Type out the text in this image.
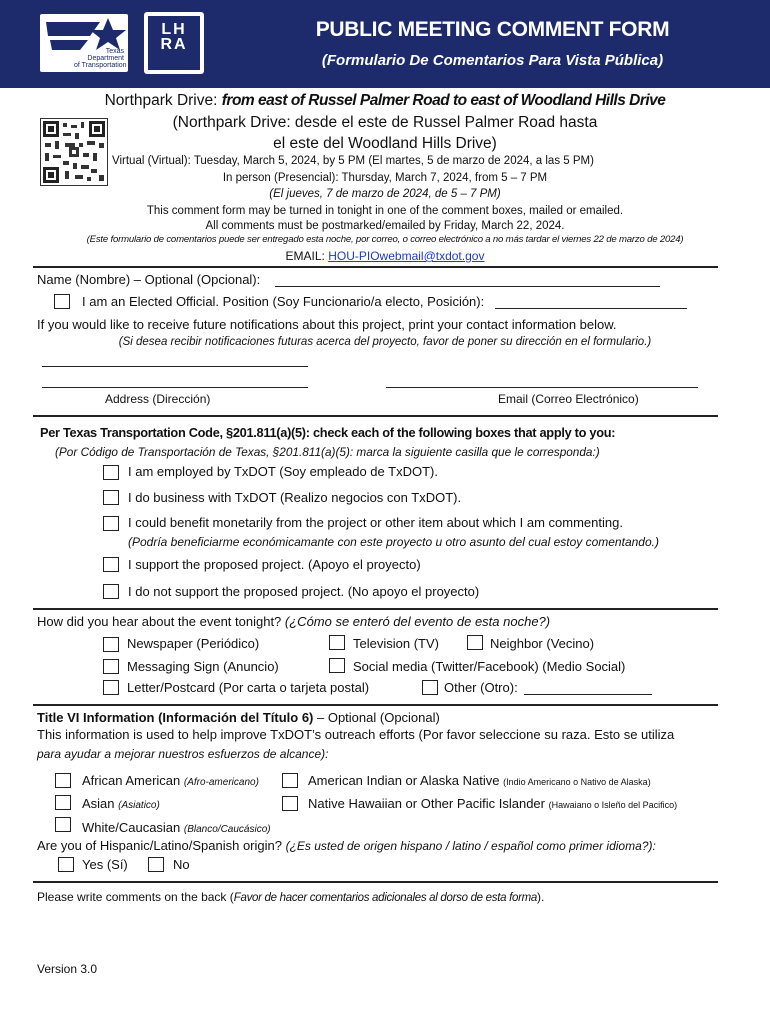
Texas
Department
of Transportation
LH
RA
PUBLIC MEETING COMMENT FORM
(Formulario De Comentarios Para Vista Pública)
Northpark Drive: from east of Russel Palmer Road to east of Woodland Hills Drive
(Northpark Drive: desde el este de Russel Palmer Road hasta
el este del Woodland Hills Drive)
Virtual (Virtual): Tuesday, March 5, 2024, by 5 PM (El martes, 5 de marzo de 2024, a las 5 PM)
In person (Presencial): Thursday, March 7, 2024, from 5 – 7 PM
(El jueves, 7 de marzo de 2024, de 5 – 7 PM)
This comment form may be turned in tonight in one of the comment boxes, mailed or emailed.
All comments must be postmarked/emailed by Friday, March 22, 2024.
(Este formulario de comentarios puede ser entregado esta noche, por correo, o correo electrónico a no más tardar el viernes 22 de marzo de 2024)
EMAIL: HOU-PIOwebmail@txdot.gov
Name (Nombre) – Optional (Opcional):
I am an Elected Official. Position (Soy Funcionario/a electo, Posición):
If you would like to receive future notifications about this project, print your contact information below.
(Si desea recibir notificaciones futuras acerca del proyecto, favor de poner su dirección en el formulario.)
Address (Dirección)	Email (Correo Electrónico)
Per Texas Transportation Code, §201.811(a)(5): check each of the following boxes that apply to you:
(Por Código de Transportación de Texas, §201.811(a)(5): marca la siguiente casilla que le corresponda:)
I am employed by TxDOT (Soy empleado de TxDOT).
I do business with TxDOT (Realizo negocios con TxDOT).
I could benefit monetarily from the project or other item about which I am commenting.
(Podría beneficiarme económicamante con este proyecto u otro asunto del cual estoy comentando.)
I support the proposed project. (Apoyo el proyecto)
I do not support the proposed project. (No apoyo el proyecto)
How did you hear about the event tonight? (¿Cómo se enteró del evento de esta noche?)
Newspaper (Periódico)	Television (TV)	Neighbor (Vecino)
Messaging Sign (Anuncio)	Social media (Twitter/Facebook) (Medio Social)
Letter/Postcard (Por carta o tarjeta postal)	Other (Otro):
Title VI Information (Información del Título 6) – Optional (Opcional)
This information is used to help improve TxDOT’s outreach efforts (Por favor seleccione su raza. Esto se utiliza
para ayudar a mejorar nuestros esfuerzos de alcance):
African American (Afro-americano)	American Indian or Alaska Native (Indio Americano o Nativo de Alaska)
Asian (Asiatico)	Native Hawaiian or Other Pacific Islander (Hawaiano o Isleño del Pacifico)
White/Caucasian (Blanco/Caucásico)
Are you of Hispanic/Latino/Spanish origin? (¿Es usted de origen hispano / latino / español como primer idioma?):
Yes (Sí)	No
Please write comments on the back (Favor de hacer comentarios adicionales al dorso de esta forma).
Version 3.0
